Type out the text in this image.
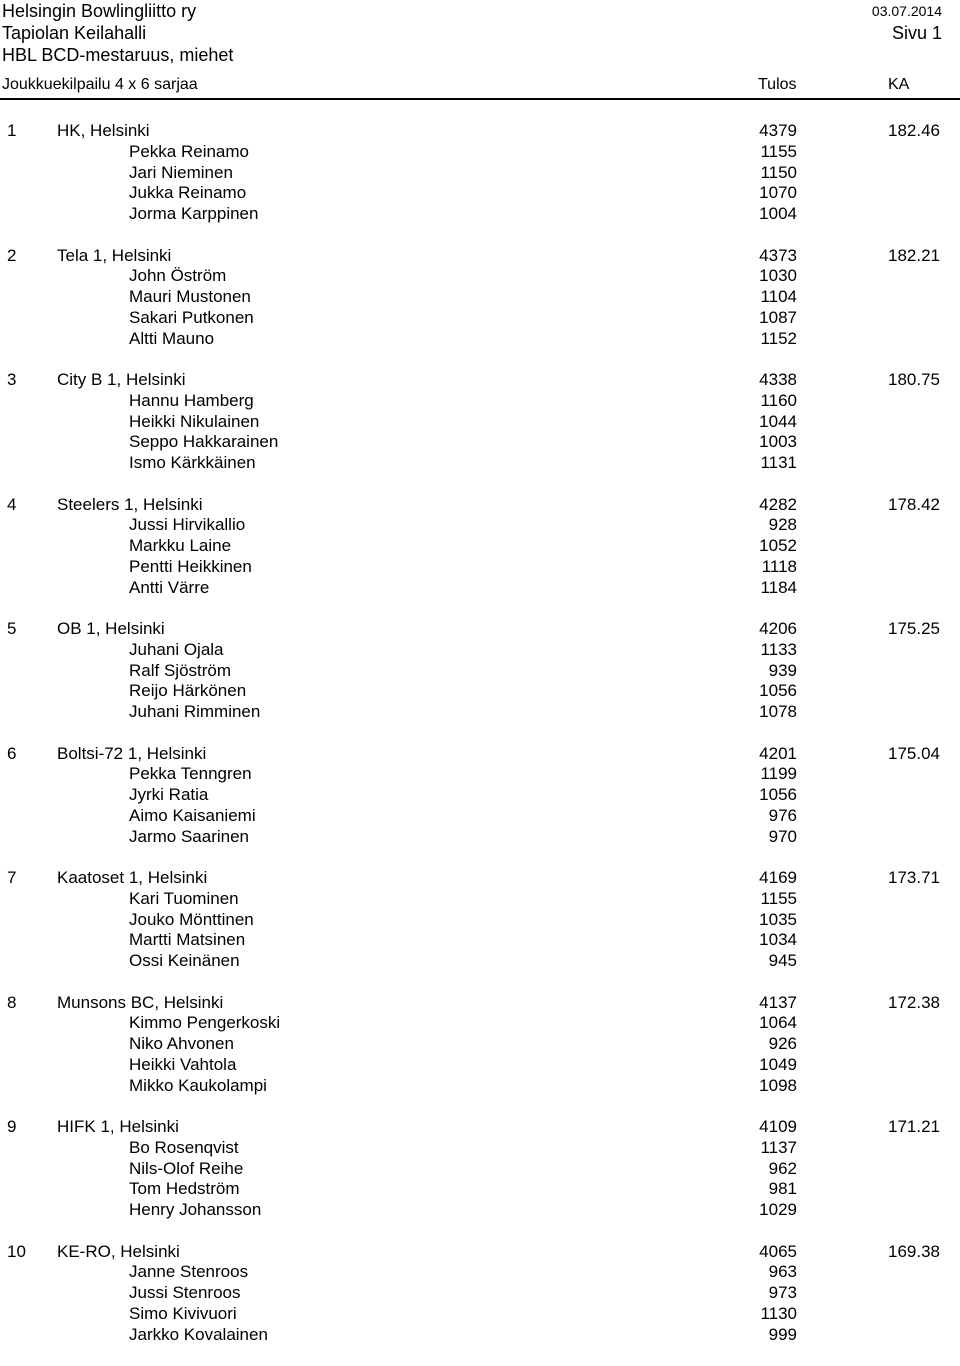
Helsingin Bowlingliitto ry	03.07.2014
Tapiolan Keilahalli	Sivu 1
HBL BCD-mestaruus, miehet
Joukkuekilpailu 4 x 6 sarjaa	Tulos	KA
1 HK, Helsinki	4379	182.46
Pekka Reinamo	1155
Jari Nieminen	1150
Jukka Reinamo	1070
Jorma Karppinen	1004
2 Tela 1, Helsinki	4373	182.21
John Öström	1030
Mauri Mustonen	1104
Sakari Putkonen	1087
Altti Mauno	1152
3 City B 1, Helsinki	4338	180.75
Hannu Hamberg	1160
Heikki Nikulainen	1044
Seppo Hakkarainen	1003
Ismo Kärkkäinen	1131
4 Steelers 1, Helsinki	4282	178.42
Jussi Hirvikallio	928
Markku Laine	1052
Pentti Heikkinen	1118
Antti Värre	1184
5 OB 1, Helsinki	4206	175.25
Juhani Ojala	1133
Ralf Sjöström	939
Reijo Härkönen	1056
Juhani Rimminen	1078
6 Boltsi-72 1, Helsinki	4201	175.04
Pekka Tenngren	1199
Jyrki Ratia	1056
Aimo Kaisaniemi	976
Jarmo Saarinen	970
7 Kaatoset 1, Helsinki	4169	173.71
Kari Tuominen	1155
Jouko Mönttinen	1035
Martti Matsinen	1034
Ossi Keinänen	945
8 Munsons BC, Helsinki	4137	172.38
Kimmo Pengerkoski	1064
Niko Ahvonen	926
Heikki Vahtola	1049
Mikko Kaukolampi	1098
9 HIFK 1, Helsinki	4109	171.21
Bo Rosenqvist	1137
Nils-Olof Reihe	962
Tom Hedström	981
Henry Johansson	1029
10 KE-RO, Helsinki	4065	169.38
Janne Stenroos	963
Jussi Stenroos	973
Simo Kivivuori	1130
Jarkko Kovalainen	999
